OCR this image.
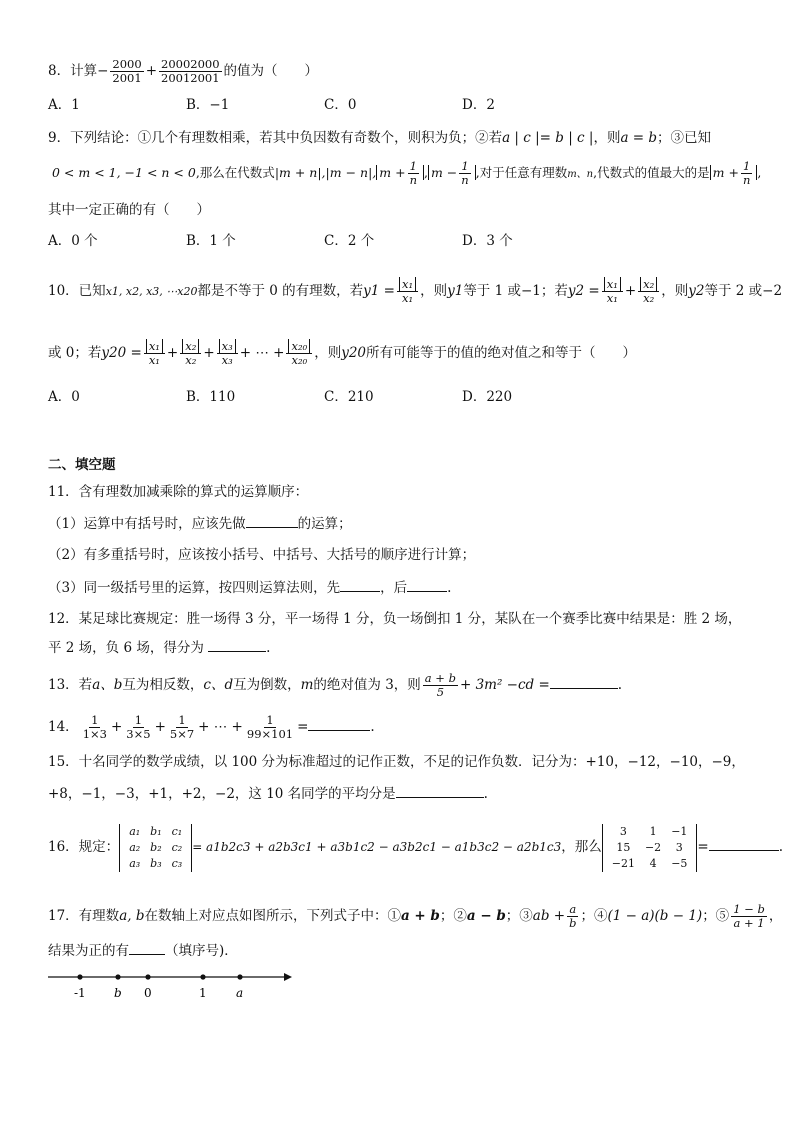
8．计算− $\frac{2000}{2001} + \frac{20002000}{20012001}$ 的值为（　　）
A．1	B．−1	C．0	D．2
9．下列结论：①几个有理数相乘，若其中负因数有奇数个，则积为负；②若a | c |= b | c |，则a = b；③已知
0 < m < 1, −1 < n < 0,那么在代数式|m + n|,|m − n|, $m + \frac{1}{n}$ , $m - \frac{1}{n}$ ,对于任意有理数m、n,代数式的值最大的是 $m + \frac{1}{n}$ ,
其中一定正确的有（　　）
A．0 个	B．1 个	C．2 个	D．3 个
10．已知x1, x2, x3, ⋯x20都是不等于 0 的有理数，若$y1 = \frac{\text{x₁}}{\text{x₁}}$ ，则y1等于 1 或−1；若$y2 = \frac{\text{x₁}}{\text{x₁}} + \frac{\text{x₂}}{\text{x₂}}$ ，则y2等于 2 或−2
或 0；若$y20 = \frac{\text{x₁}}{\text{x₁}} + \frac{\text{x₂}}{\text{x₂}} + \frac{\text{x₃}}{\text{x₃}}$ + ⋯ + $\frac{\text{x₂₀}}{\text{x₂₀}}$ ，则y20所有可能等于的值的绝对值之和等于（　　）
A．0	B．110	C．210	D．220
二、填空题
11．含有理数加减乘除的算式的运算顺序：
（1）运算中有括号时，应该先做	的运算；
（2）有多重括号时，应该按小括号、中括号、大括号的顺序进行计算；
（3）同一级括号里的运算，按四则运算法则，先	，后	.
12．某足球比赛规定：胜一场得 3 分，平一场得 1 分，负一场倒扣 1 分，某队在一个赛季比赛中结果是：胜 2 场，
平 2 场，负 6 场，得分为	.
13．若a、b互为相反数，c、d互为倒数，m的绝对值为 3，则 $\frac{a + b}{5} + 3m^2 -cd$ =	.
14． $\frac{1}{1\times 3} + \frac{1}{3\times 5} + \frac{1}{5\times 7}$ + ⋯ + $\frac{1}{99\times 101}$ =	.
15．十名同学的数学成绩，以 100 分为标准超过的记作正数，不足的记作负数．记分为：+10，−12，−10，−9，
+8，−1，−3，+1，+2，−2，这 10 名同学的平均分是	.
16．规定：
a₁	b₁	c₁
a₂	b₂	c₂
a₃	b₃	c₃
= a1b2c3 + a2b3c1 + a3b1c2 − a3b2c1 − a1b3c2 − a2b1c3，那么
3	1	−1
15	−2	3
−21	4	−5
=	.
17．有理数a, b在数轴上对应点如图所示，下列式子中：①a + b；②a − b；③ab + $\frac{a}{b}$ ；④(1 − a)(b − 1)；⑤ $\frac{1 - b}{a + 1}$ ，
结果为正的有	（填序号)．
-1 b 0	1 a
